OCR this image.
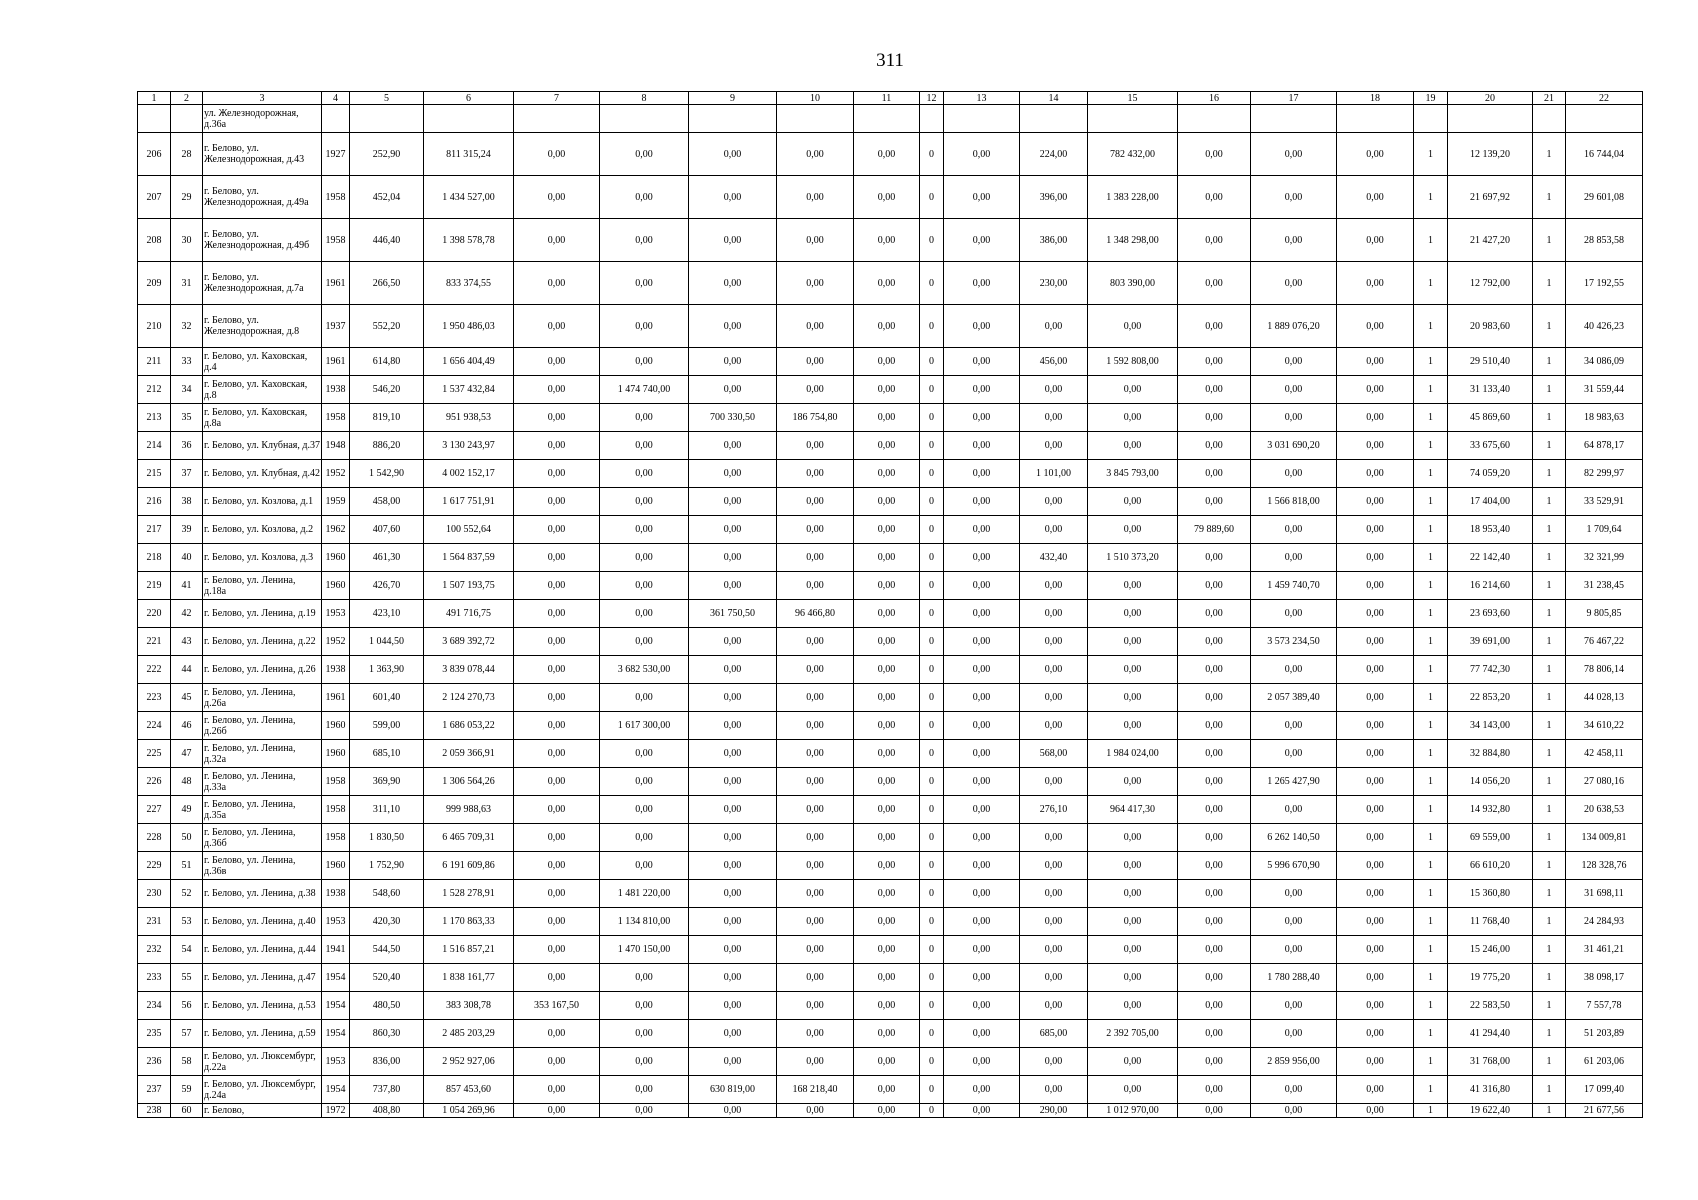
311
1	2	3	4	5	6	7	8	9	10	11	12	13	14	15	16	17	18	19	20	21	22
		ул. Железнодорожная, д.36а																			
206	28	г. Белово, ул. Железнодорожная, д.43	1927	252,90	811 315,24	0,00	0,00	0,00	0,00	0,00	0	0,00	224,00	782 432,00	0,00	0,00	0,00	1	12 139,20	1	16 744,04
207	29	г. Белово, ул. Железнодорожная, д.49а	1958	452,04	1 434 527,00	0,00	0,00	0,00	0,00	0,00	0	0,00	396,00	1 383 228,00	0,00	0,00	0,00	1	21 697,92	1	29 601,08
208	30	г. Белово, ул. Железнодорожная, д.49б	1958	446,40	1 398 578,78	0,00	0,00	0,00	0,00	0,00	0	0,00	386,00	1 348 298,00	0,00	0,00	0,00	1	21 427,20	1	28 853,58
209	31	г. Белово, ул. Железнодорожная, д.7а	1961	266,50	833 374,55	0,00	0,00	0,00	0,00	0,00	0	0,00	230,00	803 390,00	0,00	0,00	0,00	1	12 792,00	1	17 192,55
210	32	г. Белово, ул. Железнодорожная, д.8	1937	552,20	1 950 486,03	0,00	0,00	0,00	0,00	0,00	0	0,00	0,00	0,00	0,00	1 889 076,20	0,00	1	20 983,60	1	40 426,23
211	33	г. Белово, ул. Каховская, д.4	1961	614,80	1 656 404,49	0,00	0,00	0,00	0,00	0,00	0	0,00	456,00	1 592 808,00	0,00	0,00	0,00	1	29 510,40	1	34 086,09
212	34	г. Белово, ул. Каховская, д.8	1938	546,20	1 537 432,84	0,00	1 474 740,00	0,00	0,00	0,00	0	0,00	0,00	0,00	0,00	0,00	0,00	1	31 133,40	1	31 559,44
213	35	г. Белово, ул. Каховская, д.8а	1958	819,10	951 938,53	0,00	0,00	700 330,50	186 754,80	0,00	0	0,00	0,00	0,00	0,00	0,00	0,00	1	45 869,60	1	18 983,63
214	36	г. Белово, ул. Клубная, д.37	1948	886,20	3 130 243,97	0,00	0,00	0,00	0,00	0,00	0	0,00	0,00	0,00	0,00	3 031 690,20	0,00	1	33 675,60	1	64 878,17
215	37	г. Белово, ул. Клубная, д.42	1952	1 542,90	4 002 152,17	0,00	0,00	0,00	0,00	0,00	0	0,00	1 101,00	3 845 793,00	0,00	0,00	0,00	1	74 059,20	1	82 299,97
216	38	г. Белово, ул. Козлова, д.1	1959	458,00	1 617 751,91	0,00	0,00	0,00	0,00	0,00	0	0,00	0,00	0,00	0,00	1 566 818,00	0,00	1	17 404,00	1	33 529,91
217	39	г. Белово, ул. Козлова, д.2	1962	407,60	100 552,64	0,00	0,00	0,00	0,00	0,00	0	0,00	0,00	0,00	79 889,60	0,00	0,00	1	18 953,40	1	1 709,64
218	40	г. Белово, ул. Козлова, д.3	1960	461,30	1 564 837,59	0,00	0,00	0,00	0,00	0,00	0	0,00	432,40	1 510 373,20	0,00	0,00	0,00	1	22 142,40	1	32 321,99
219	41	г. Белово, ул. Ленина, д.18а	1960	426,70	1 507 193,75	0,00	0,00	0,00	0,00	0,00	0	0,00	0,00	0,00	0,00	1 459 740,70	0,00	1	16 214,60	1	31 238,45
220	42	г. Белово, ул. Ленина, д.19	1953	423,10	491 716,75	0,00	0,00	361 750,50	96 466,80	0,00	0	0,00	0,00	0,00	0,00	0,00	0,00	1	23 693,60	1	9 805,85
221	43	г. Белово, ул. Ленина, д.22	1952	1 044,50	3 689 392,72	0,00	0,00	0,00	0,00	0,00	0	0,00	0,00	0,00	0,00	3 573 234,50	0,00	1	39 691,00	1	76 467,22
222	44	г. Белово, ул. Ленина, д.26	1938	1 363,90	3 839 078,44	0,00	3 682 530,00	0,00	0,00	0,00	0	0,00	0,00	0,00	0,00	0,00	0,00	1	77 742,30	1	78 806,14
223	45	г. Белово, ул. Ленина, д.26а	1961	601,40	2 124 270,73	0,00	0,00	0,00	0,00	0,00	0	0,00	0,00	0,00	0,00	2 057 389,40	0,00	1	22 853,20	1	44 028,13
224	46	г. Белово, ул. Ленина, д.26б	1960	599,00	1 686 053,22	0,00	1 617 300,00	0,00	0,00	0,00	0	0,00	0,00	0,00	0,00	0,00	0,00	1	34 143,00	1	34 610,22
225	47	г. Белово, ул. Ленина, д.32а	1960	685,10	2 059 366,91	0,00	0,00	0,00	0,00	0,00	0	0,00	568,00	1 984 024,00	0,00	0,00	0,00	1	32 884,80	1	42 458,11
226	48	г. Белово, ул. Ленина, д.33а	1958	369,90	1 306 564,26	0,00	0,00	0,00	0,00	0,00	0	0,00	0,00	0,00	0,00	1 265 427,90	0,00	1	14 056,20	1	27 080,16
227	49	г. Белово, ул. Ленина, д.35а	1958	311,10	999 988,63	0,00	0,00	0,00	0,00	0,00	0	0,00	276,10	964 417,30	0,00	0,00	0,00	1	14 932,80	1	20 638,53
228	50	г. Белово, ул. Ленина, д.36б	1958	1 830,50	6 465 709,31	0,00	0,00	0,00	0,00	0,00	0	0,00	0,00	0,00	0,00	6 262 140,50	0,00	1	69 559,00	1	134 009,81
229	51	г. Белово, ул. Ленина, д.36в	1960	1 752,90	6 191 609,86	0,00	0,00	0,00	0,00	0,00	0	0,00	0,00	0,00	0,00	5 996 670,90	0,00	1	66 610,20	1	128 328,76
230	52	г. Белово, ул. Ленина, д.38	1938	548,60	1 528 278,91	0,00	1 481 220,00	0,00	0,00	0,00	0	0,00	0,00	0,00	0,00	0,00	0,00	1	15 360,80	1	31 698,11
231	53	г. Белово, ул. Ленина, д.40	1953	420,30	1 170 863,33	0,00	1 134 810,00	0,00	0,00	0,00	0	0,00	0,00	0,00	0,00	0,00	0,00	1	11 768,40	1	24 284,93
232	54	г. Белово, ул. Ленина, д.44	1941	544,50	1 516 857,21	0,00	1 470 150,00	0,00	0,00	0,00	0	0,00	0,00	0,00	0,00	0,00	0,00	1	15 246,00	1	31 461,21
233	55	г. Белово, ул. Ленина, д.47	1954	520,40	1 838 161,77	0,00	0,00	0,00	0,00	0,00	0	0,00	0,00	0,00	0,00	1 780 288,40	0,00	1	19 775,20	1	38 098,17
234	56	г. Белово, ул. Ленина, д.53	1954	480,50	383 308,78	353 167,50	0,00	0,00	0,00	0,00	0	0,00	0,00	0,00	0,00	0,00	0,00	1	22 583,50	1	7 557,78
235	57	г. Белово, ул. Ленина, д.59	1954	860,30	2 485 203,29	0,00	0,00	0,00	0,00	0,00	0	0,00	685,00	2 392 705,00	0,00	0,00	0,00	1	41 294,40	1	51 203,89
236	58	г. Белово, ул. Люксембург, д.22а	1953	836,00	2 952 927,06	0,00	0,00	0,00	0,00	0,00	0	0,00	0,00	0,00	0,00	2 859 956,00	0,00	1	31 768,00	1	61 203,06
237	59	г. Белово, ул. Люксембург, д.24а	1954	737,80	857 453,60	0,00	0,00	630 819,00	168 218,40	0,00	0	0,00	0,00	0,00	0,00	0,00	0,00	1	41 316,80	1	17 099,40
238	60	г. Белово,	1972	408,80	1 054 269,96	0,00	0,00	0,00	0,00	0,00	0	0,00	290,00	1 012 970,00	0,00	0,00	0,00	1	19 622,40	1	21 677,56
